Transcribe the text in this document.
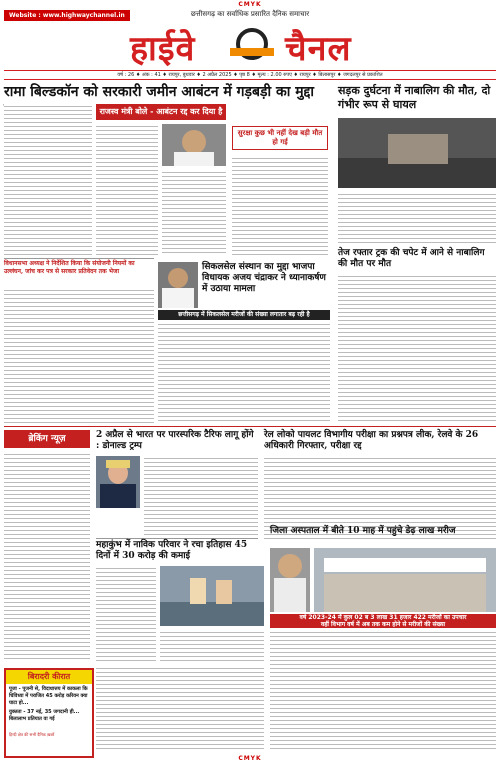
CMYK
Website : www.highwaychannel.in	छत्तीसगढ़ का सर्वाधिक प्रसारित दैनिक समाचार
हाईवे	चैनल
वर्ष : 26 ♦ अंक : 41 ♦ रायपुर, बुधवार ♦ 2 अप्रैल 2025 ♦ पृष्ठ 8 ♦ मूल्य : 2.00 रुपए ♦ रायपुर ♦ बिलासपुर ♦ जगदलपुर से प्रकाशित
रामा बिल्डकॉन को सरकारी जमीन आबंटन में गड़बड़ी का मुद्दा
राजस्व मंत्री बोले - आबंटन रद्द कर दिया है
सुरक्षा कुछ भी नहीं देख बड़ी मौत हो गई
विधानसभा अध्यक्ष ने निर्देशित किया कि संयोजनी नियमों का उल्लंघन, जांच कर पत्र से सरकार प्रतिवेदन तक भेजा	सिकलसेल संस्थान का मुद्दा भाजपा विधायक अजय चंद्राकर ने ध्यानाकर्षण में उठाया मामला
छत्तीसगढ़ में सिकलसेल मरीजों की संख्या लगातार बढ़ रही है
सड़क दुर्घटना में नाबालिग की मौत, दो गंभीर रूप से घायल
तेज रफ्तार ट्रक की चपेट में आने से नाबालिग की मौत पर मौत
ब्रेकिंग न्यूज़	2 अप्रैल से भारत पर पारस्परिक टैरिफ लागू होंगे : डोनाल्ड ट्रम्प
रेल लोको पायलट विभागीय परीक्षा का प्रश्नपत्र लीक, रेलवे के 26 अधिकारी गिरफ्तार, परीक्षा रद्द
महाकुंभ में नाविक परिवार ने रचा इतिहास 45 दिनों में 30 करोड़ की कमाई
जिला अस्पताल में बीते 10 माह में पहुंचे डेढ़ लाख मरीज
वर्ष 2023-24 में कुल 02 ब 3 लाख 31 हजार 422 मरीजों का उपचार
वहीं विभाग वर्ष में अब तक कम होने से मरीजों की संख्या
बिरादरी कीरात
पूजा - पूजनी से, विदाधात्तय में काकला कि धिविध्या में पराजित 45 करोड़ करिवन क्या घाटा हो...
युक्तता - 37 नई, 35 जगदानी ही... बिलालाभ प्रतियात वा गई
हिन्दी क्षेत्र की सभी दैनिक ख़बरें
CMYK
